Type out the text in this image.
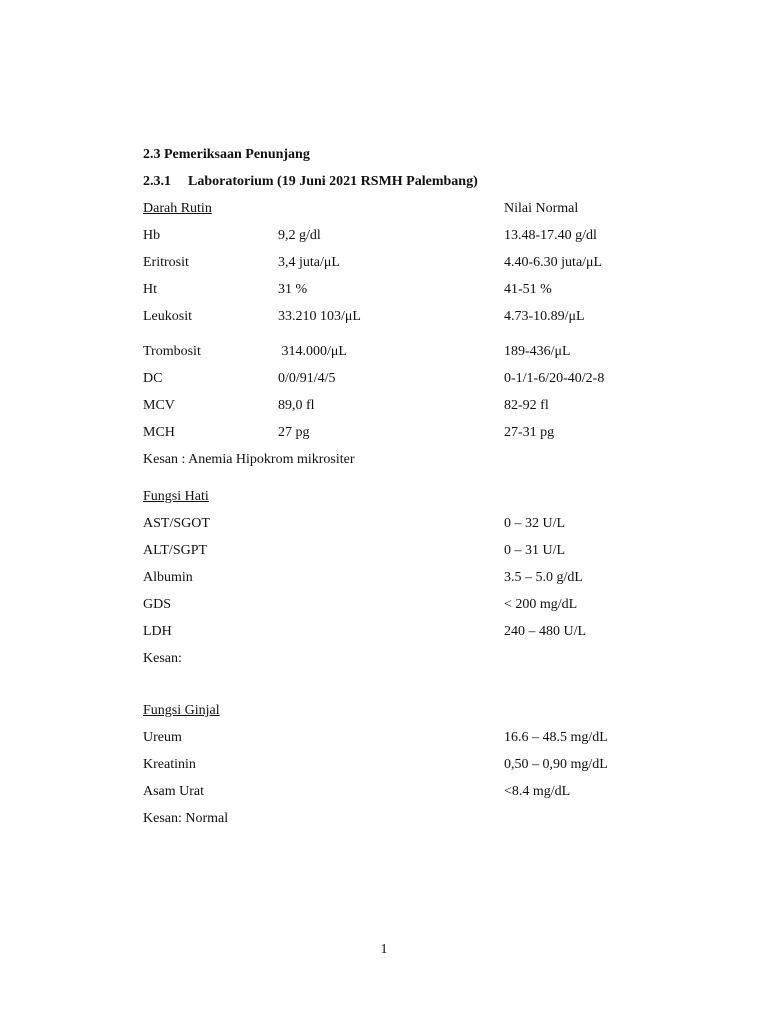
2.3 Pemeriksaan Penunjang
2.3.1 Laboratorium (19 Juni 2021 RSMH Palembang)
Darah Rutin	Nilai Normal
Hb	9,2 g/dl	13.48-17.40 g/dl
Eritrosit	3,4 juta/μL	4.40-6.30 juta/μL
Ht	31 %	41-51 %
Leukosit	33.210 103/μL	4.73-10.89/μL
Trombosit	314.000/μL	189-436/μL
DC	0/0/91/4/5	0-1/1-6/20-40/2-8
MCV	89,0 fl	82-92 fl
MCH	27 pg	27-31 pg
Kesan : Anemia Hipokrom mikrositer
Fungsi Hati
AST/SGOT	0 – 32 U/L
ALT/SGPT	0 – 31 U/L
Albumin	3.5 – 5.0 g/dL
GDS	< 200 mg/dL
LDH	240 – 480 U/L
Kesan:
Fungsi Ginjal
Ureum	16.6 – 48.5 mg/dL
Kreatinin	0,50 – 0,90 mg/dL
Asam Urat	<8.4 mg/dL
Kesan: Normal
1
